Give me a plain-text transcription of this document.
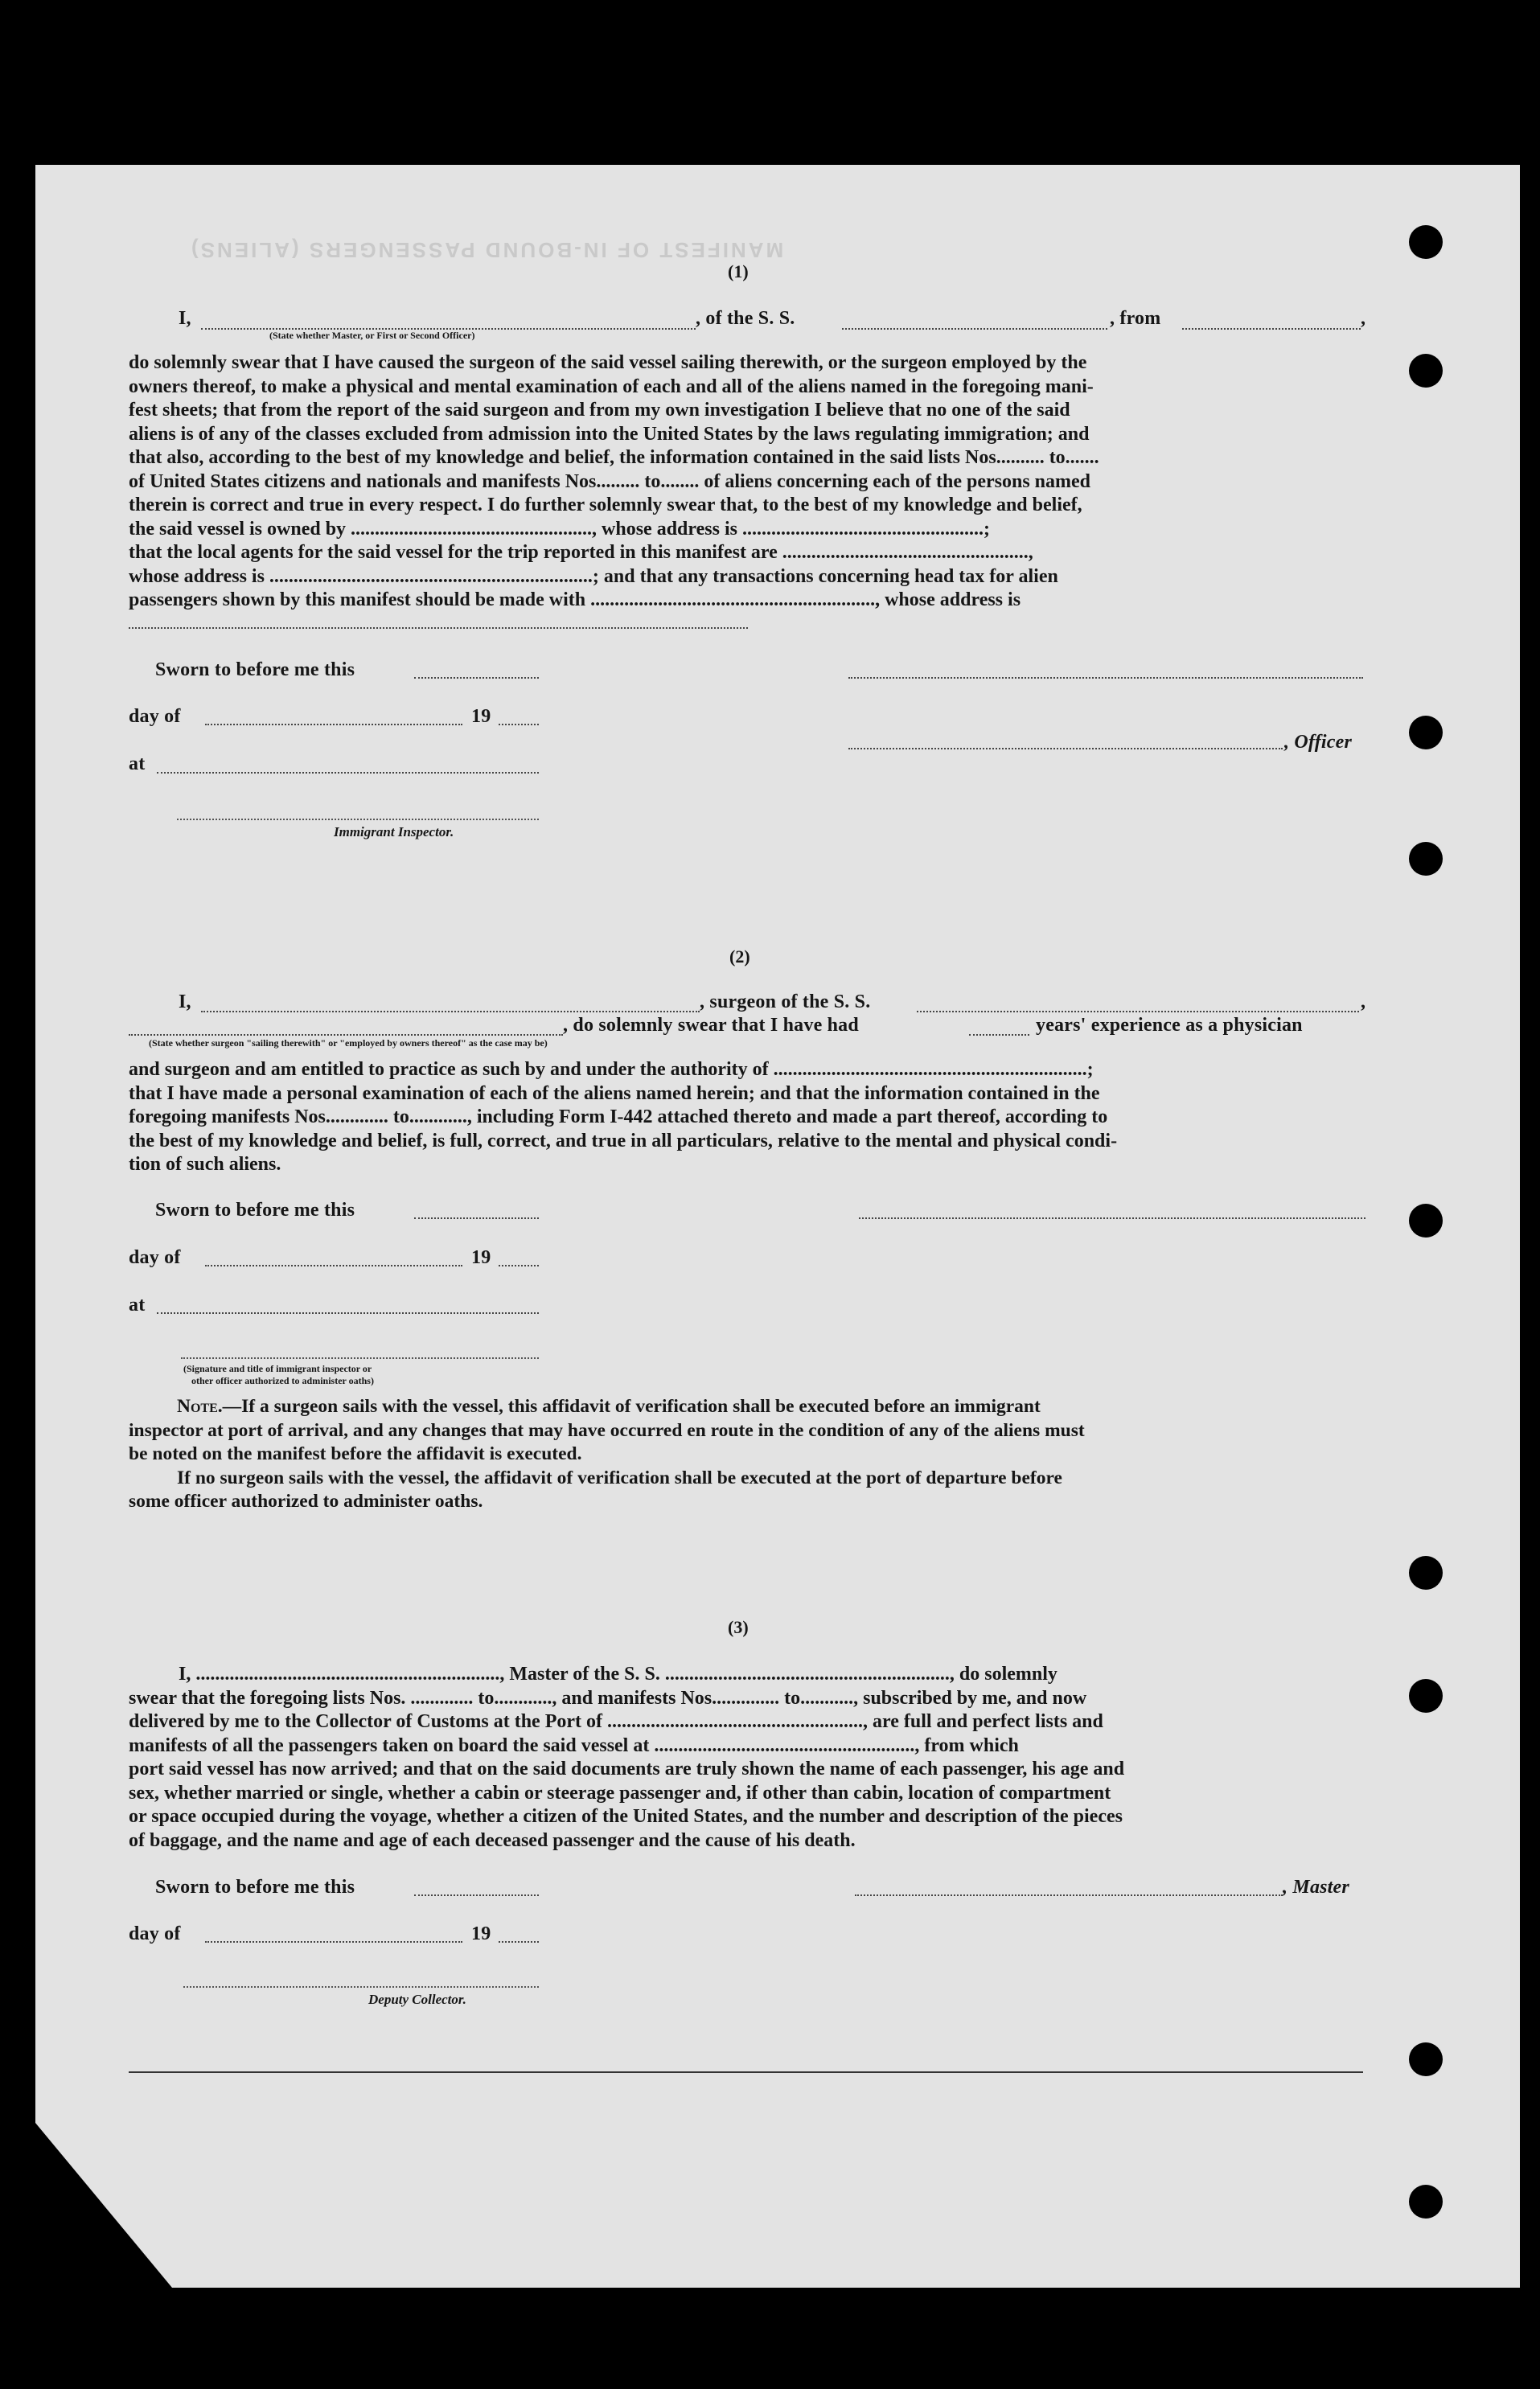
MANIFEST OF IN-BOUND PASSENGERS (ALIENS)
(1)
I,	, of the S. S.	, from	,
(State whether Master, or First or Second Officer)
do solemnly swear that I have caused the surgeon of the said vessel sailing therewith, or the surgeon employed by the
owners thereof, to make a physical and mental examination of each and all of the aliens named in the foregoing mani-
fest sheets; that from the report of the said surgeon and from my own investigation I believe that no one of the said
aliens is of any of the classes excluded from admission into the United States by the laws regulating immigration; and
that also, according to the best of my knowledge and belief, the information contained in the said lists Nos.......... to.......
of United States citizens and nationals and manifests Nos......... to........ of aliens concerning each of the persons named
therein is correct and true in every respect. I do further solemnly swear that, to the best of my knowledge and belief,
the said vessel is owned by .................................................., whose address is ..................................................;
that the local agents for the said vessel for the trip reported in this manifest are ...................................................,
whose address is ...................................................................; and that any transactions concerning head tax for alien
passengers shown by this manifest should be made with ..........................................................., whose address is
Sworn to before me this
day of	19
, Officer
at
Immigrant Inspector.
(2)
I,	, surgeon of the S. S.	,
, do solemnly swear that I have had	years' experience as a physician
(State whether surgeon "sailing therewith" or "employed by owners thereof" as the case may be)
and surgeon and am entitled to practice as such by and under the authority of .................................................................;
that I have made a personal examination of each of the aliens named herein; and that the information contained in the
foregoing manifests Nos............. to............, including Form I-442 attached thereto and made a part thereof, according to
the best of my knowledge and belief, is full, correct, and true in all particulars, relative to the mental and physical condi-
tion of such aliens.
Sworn to before me this
day of	19
at
(Signature and title of immigrant inspector or
other officer authorized to administer oaths)
Note.—If a surgeon sails with the vessel, this affidavit of verification shall be executed before an immigrant
inspector at port of arrival, and any changes that may have occurred en route in the condition of any of the aliens must
be noted on the manifest before the affidavit is executed.
If no surgeon sails with the vessel, the affidavit of verification shall be executed at the port of departure before
some officer authorized to administer oaths.
(3)
I, ..............................................................., Master of the S. S. ..........................................................., do solemnly
swear that the foregoing lists Nos. ............. to............, and manifests Nos.............. to..........., subscribed by me, and now
delivered by me to the Collector of Customs at the Port of ....................................................., are full and perfect lists and
manifests of all the passengers taken on board the said vessel at ......................................................, from which
port said vessel has now arrived; and that on the said documents are truly shown the name of each passenger, his age and
sex, whether married or single, whether a cabin or steerage passenger and, if other than cabin, location of compartment
or space occupied during the voyage, whether a citizen of the United States, and the number and description of the pieces
of baggage, and the name and age of each deceased passenger and the cause of his death.
Sworn to before me this	, Master
day of	19
Deputy Collector.
